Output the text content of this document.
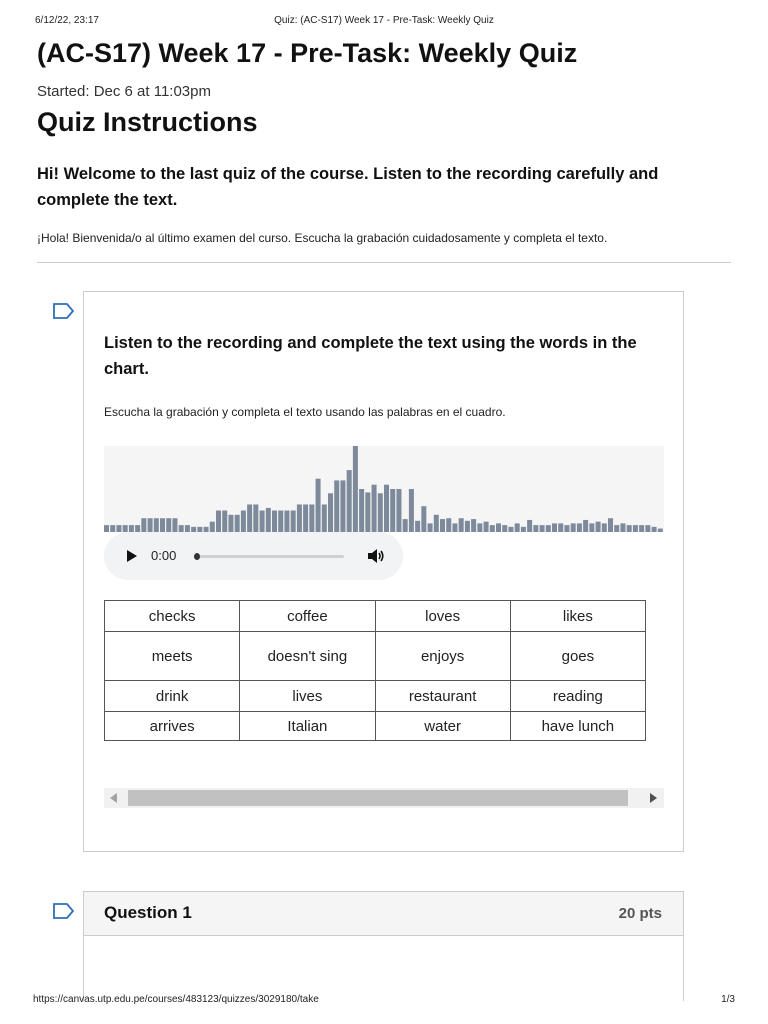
6/12/22, 23:17	Quiz: (AC-S17) Week 17 - Pre-Task: Weekly Quiz
(AC-S17) Week 17 - Pre-Task: Weekly Quiz
Started: Dec 6 at 11:03pm
Quiz Instructions
Hi! Welcome to the last quiz of the course. Listen to the recording carefully and complete the text.
¡Hola! Bienvenida/o al último examen del curso. Escucha la grabación cuidadosamente y completa el texto.
Listen to the recording and complete the text using the words in the chart.
Escucha la grabación y completa el texto usando las palabras en el cuadro.
0:00
checks	coffee	loves	likes
meets	doesn't sing	enjoys	goes
drink	lives	restaurant	reading
arrives	Italian	water	have lunch
Question 1	20 pts
https://canvas.utp.edu.pe/courses/483123/quizzes/3029180/take	1/3
